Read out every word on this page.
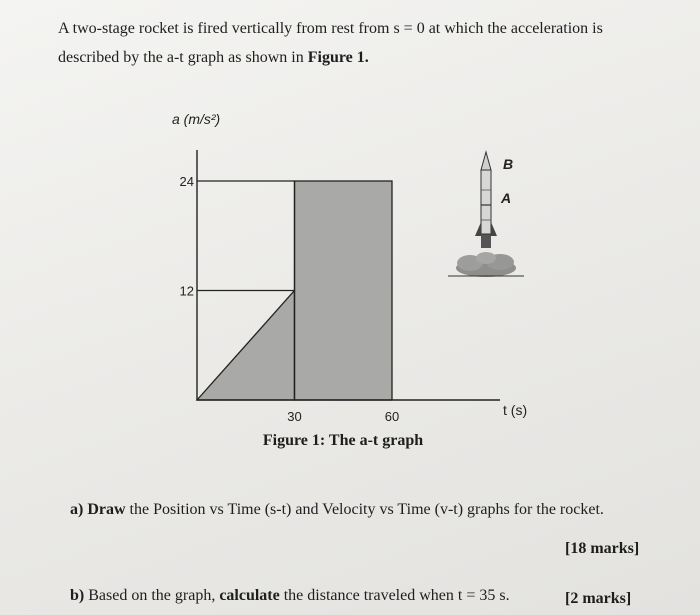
A two-stage rocket is fired vertically from rest from s = 0 at which the acceleration is described by the a-t graph as shown in Figure 1.
a (m/s²)
t (s)
12
24
30	60
Figure 1: The a-t graph
B
A
a) Draw the Position vs Time (s-t) and Velocity vs Time (v-t) graphs for the rocket.
[18 marks]
b) Based on the graph, calculate the distance traveled when t = 35 s.	[2 marks]
